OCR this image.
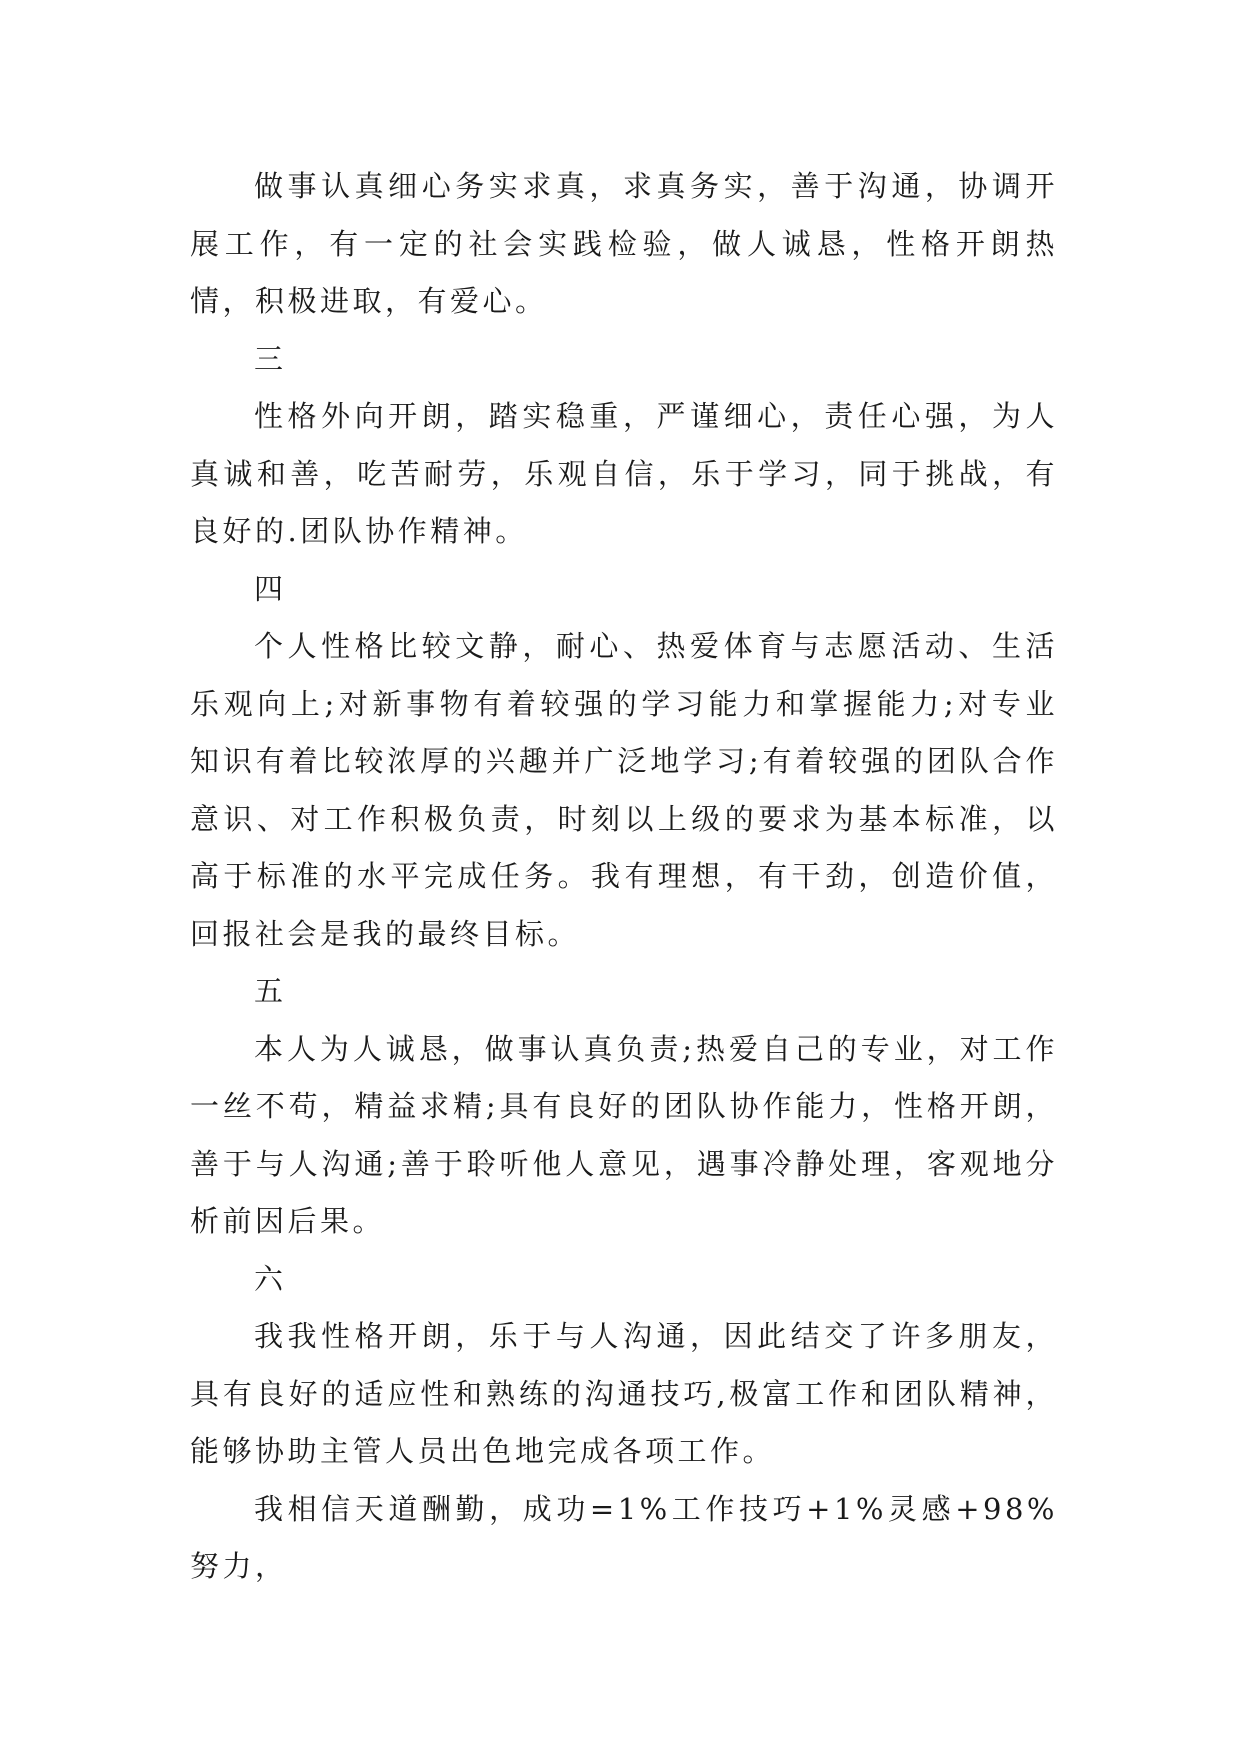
做事认真细心务实求真，求真务实，善于沟通，协调开展工作，有一定的社会实践检验，做人诚恳，性格开朗热情，积极进取，有爱心。

三

性格外向开朗，踏实稳重，严谨细心，责任心强，为人真诚和善，吃苦耐劳，乐观自信，乐于学习，同于挑战，有良好的.团队协作精神。

四

个人性格比较文静，耐心、热爱体育与志愿活动、生活乐观向上;对新事物有着较强的学习能力和掌握能力;对专业知识有着比较浓厚的兴趣并广泛地学习;有着较强的团队合作意识、对工作积极负责，时刻以上级的要求为基本标准，以高于标准的水平完成任务。我有理想，有干劲，创造价值，回报社会是我的最终目标。

五

本人为人诚恳，做事认真负责;热爱自己的专业，对工作一丝不苟，精益求精;具有良好的团队协作能力，性格开朗，善于与人沟通;善于聆听他人意见，遇事冷静处理，客观地分析前因后果。

六

我我性格开朗，乐于与人沟通，因此结交了许多朋友，具有良好的适应性和熟练的沟通技巧,极富工作和团队精神，能够协助主管人员出色地完成各项工作。

我相信天道酬勤，成功=1%工作技巧+1%灵感+98%努力，
